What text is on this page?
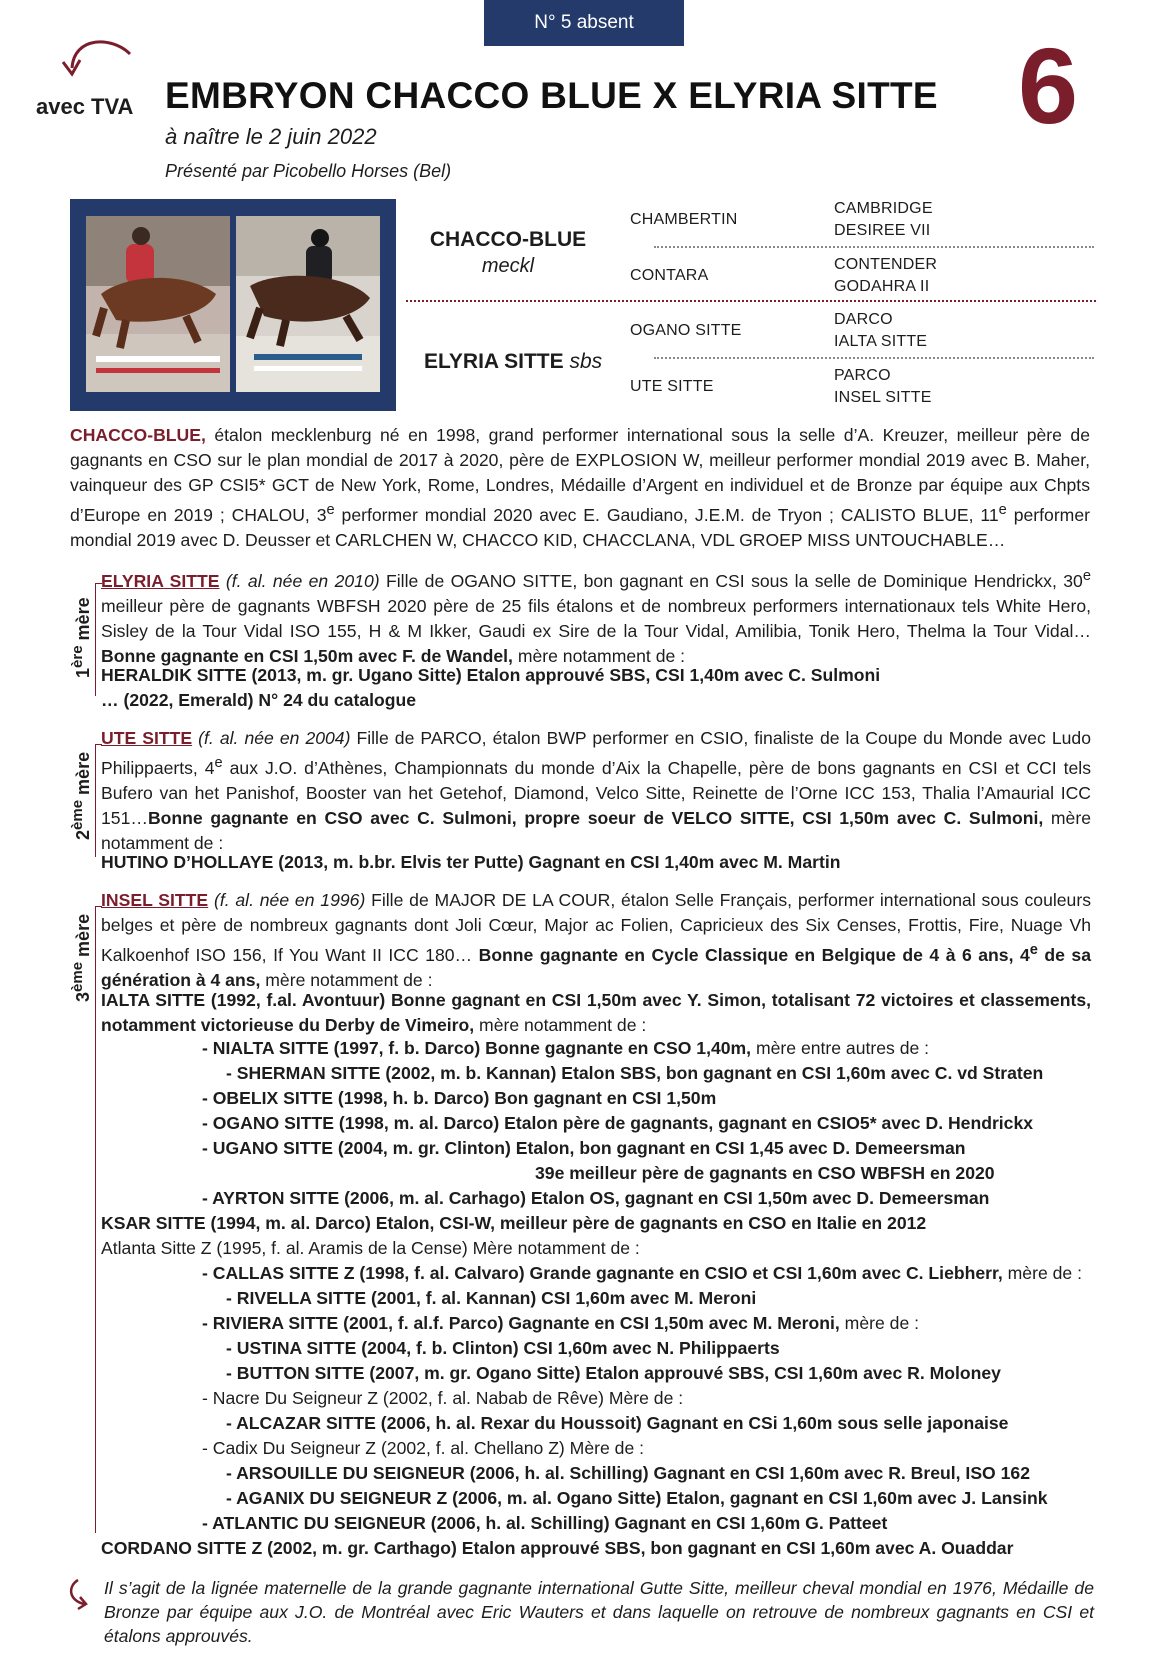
N° 5 absent
avec TVA EMBRYON CHACCO BLUE X ELYRIA SITTE
à naître le 2 juin 2022
Présenté par Picobello Horses (Bel)
6
CHACCO-BLUE
meckl
ELYRIA SITTE sbs
CHAMBERTIN
CONTARA
OGANO SITTE
UTE SITTE
CAMBRIDGE
DESIREE VII
CONTENDER
GODAHRA II
DARCO
IALTA SITTE
PARCO
INSEL SITTE

CHACCO-BLUE, étalon mecklenburg né en 1998, grand performer international sous la selle d’A. Kreuzer, meilleur père de gagnants en CSO sur le plan mondial de 2017 à 2020, père de EXPLOSION W, meilleur performer mondial 2019 avec B. Maher, vainqueur des GP CSI5* GCT de New York, Rome, Londres, Médaille d’Argent en individuel et de Bronze par équipe aux Chpts d’Europe en 2019 ; CHALOU, 3e performer mondial 2020 avec E. Gaudiano, J.E.M. de Tryon ; CALISTO BLUE, 11e performer mondial 2019 avec D. Deusser et CARLCHEN W, CHACCO KID, CHACCLANA, VDL GROEP MISS UNTOUCHABLE…

1ère mère

ELYRIA SITTE (f. al. née en 2010) Fille de OGANO SITTE, bon gagnant en CSI sous la selle de Dominique Hendrickx, 30e meilleur père de gagnants WBFSH 2020 père de 25 fils étalons et de nombreux performers internationaux tels White Hero, Sisley de la Tour Vidal ISO 155, H & M Ikker, Gaudi ex Sire de la Tour Vidal, Amilibia, Tonik Hero, Thelma la Tour Vidal… Bonne gagnante en CSI 1,50m avec F. de Wandel, mère notamment de :

HERALDIK SITTE (2013, m. gr. Ugano Sitte) Etalon approuvé SBS, CSI 1,40m avec C. Sulmoni
… (2022, Emerald) N° 24 du catalogue
2ème mère

UTE SITTE (f. al. née en 2004) Fille de PARCO, étalon BWP performer en CSIO, finaliste de la Coupe du Monde avec Ludo Philippaerts, 4e aux J.O. d’Athènes, Championnats du monde d’Aix la Chapelle, père de bons gagnants en CSI et CCI tels Bufero van het Panishof, Booster van het Getehof, Diamond, Velco Sitte, Reinette de l’Orne ICC 153, Thalia l’Amaurial ICC 151…Bonne gagnante en CSO avec C. Sulmoni, propre soeur de VELCO SITTE, CSI 1,50m avec C. Sulmoni, mère notamment de :

HUTINO D’HOLLAYE (2013, m. b.br. Elvis ter Putte) Gagnant en CSI 1,40m avec M. Martin
3ème mère

INSEL SITTE (f. al. née en 1996) Fille de MAJOR DE LA COUR, étalon Selle Français, performer international sous couleurs belges et père de nombreux gagnants dont Joli Cœur, Major ac Folien, Capricieux des Six Censes, Frottis, Fire, Nuage Vh Kalkoenhof ISO 156, If You Want II ICC 180… Bonne gagnante en Cycle Classique en Belgique de 4 à 6 ans, 4e de sa génération à 4 ans, mère notamment de :

IALTA SITTE (1992, f.al. Avontuur) Bonne gagnant en CSI 1,50m avec Y. Simon, totalisant 72 victoires et classements, notamment victorieuse du Derby de Vimeiro, mère notamment de :

- NIALTA SITTE (1997, f. b. Darco) Bonne gagnante en CSO 1,40m, mère entre autres de :
- SHERMAN SITTE (2002, m. b. Kannan) Etalon SBS, bon gagnant en CSI 1,60m avec C. vd Straten
- OBELIX SITTE (1998, h. b. Darco) Bon gagnant en CSI 1,50m
- OGANO SITTE (1998, m. al. Darco) Etalon père de gagnants, gagnant en CSIO5* avec D. Hendrickx
- UGANO SITTE (2004, m. gr. Clinton) Etalon, bon gagnant en CSI 1,45 avec D. Demeersman
39e meilleur père de gagnants en CSO WBFSH en 2020
- AYRTON SITTE (2006, m. al. Carhago) Etalon OS, gagnant en CSI 1,50m avec D. Demeersman
KSAR SITTE (1994, m. al. Darco) Etalon, CSI-W, meilleur père de gagnants en CSO en Italie en 2012
Atlanta Sitte Z (1995, f. al. Aramis de la Cense) Mère notamment de :
- CALLAS SITTE Z (1998, f. al. Calvaro) Grande gagnante en CSIO et CSI 1,60m avec C. Liebherr, mère de :
- RIVELLA SITTE (2001, f. al. Kannan) CSI 1,60m avec M. Meroni
- RIVIERA SITTE (2001, f. al.f. Parco) Gagnante en CSI 1,50m avec M. Meroni, mère de :
- USTINA SITTE (2004, f. b. Clinton) CSI 1,60m avec N. Philippaerts
- BUTTON SITTE (2007, m. gr. Ogano Sitte) Etalon approuvé SBS, CSI 1,60m avec R. Moloney
- Nacre Du Seigneur Z (2002, f. al. Nabab de Rêve) Mère de :
- ALCAZAR SITTE (2006, h. al. Rexar du Houssoit) Gagnant en CSi 1,60m sous selle japonaise
- Cadix Du Seigneur Z (2002, f. al. Chellano Z) Mère de :
- ARSOUILLE DU SEIGNEUR (2006, h. al. Schilling) Gagnant en CSI 1,60m avec R. Breul, ISO 162
- AGANIX DU SEIGNEUR Z (2006, m. al. Ogano Sitte) Etalon, gagnant en CSI 1,60m avec J. Lansink
- ATLANTIC DU SEIGNEUR (2006, h. al. Schilling) Gagnant en CSI 1,60m G. Patteet
CORDANO SITTE Z (2002, m. gr. Carthago) Etalon approuvé SBS, bon gagnant en CSI 1,60m avec A. Ouaddar

Il s’agit de la lignée maternelle de la grande gagnante international Gutte Sitte, meilleur cheval mondial en 1976, Médaille de Bronze par équipe aux J.O. de Montréal avec Eric Wauters et dans laquelle on retrouve de nombreux gagnants en CSI et étalons approuvés.
